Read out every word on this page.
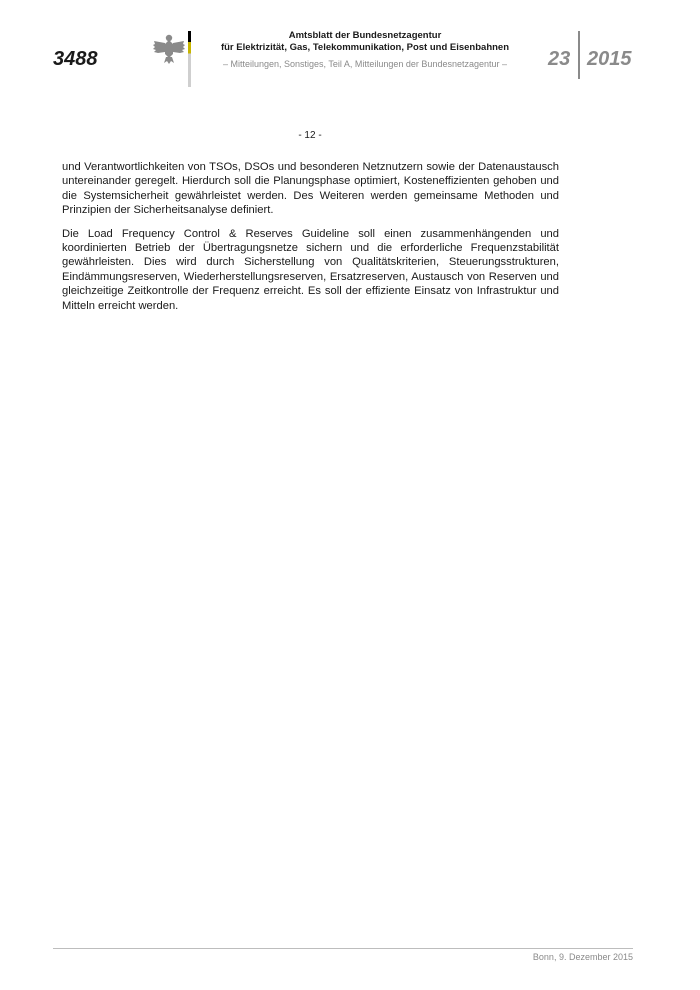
3488
Amtsblatt der Bundesnetzagentur
für Elektrizität, Gas, Telekommunikation, Post und Eisenbahnen
– Mitteilungen, Sonstiges, Teil A, Mitteilungen der Bundesnetzagentur –	23 2015
- 12 -

und Verantwortlichkeiten von TSOs, DSOs und besonderen Netznutzern sowie der Datenaustausch untereinander geregelt. Hierdurch soll die Planungsphase optimiert, Kosteneffizienten gehoben und die Systemsicherheit gewährleistet werden. Des Weiteren werden gemeinsame Methoden und Prinzipien der Sicherheitsanalyse definiert.

Die Load Frequency Control & Reserves Guideline soll einen zusammenhängenden und koordinierten Betrieb der Übertragungsnetze sichern und die erforderliche Frequenzstabilität gewährleisten. Dies wird durch Sicherstellung von Qualitätskriterien, Steuerungsstrukturen, Eindämmungsreserven, Wiederherstellungsreserven, Ersatzreserven, Austausch von Reserven und gleichzeitige Zeitkontrolle der Frequenz erreicht. Es soll der effiziente Einsatz von Infrastruktur und Mitteln erreicht werden.

Bonn, 9. Dezember 2015
